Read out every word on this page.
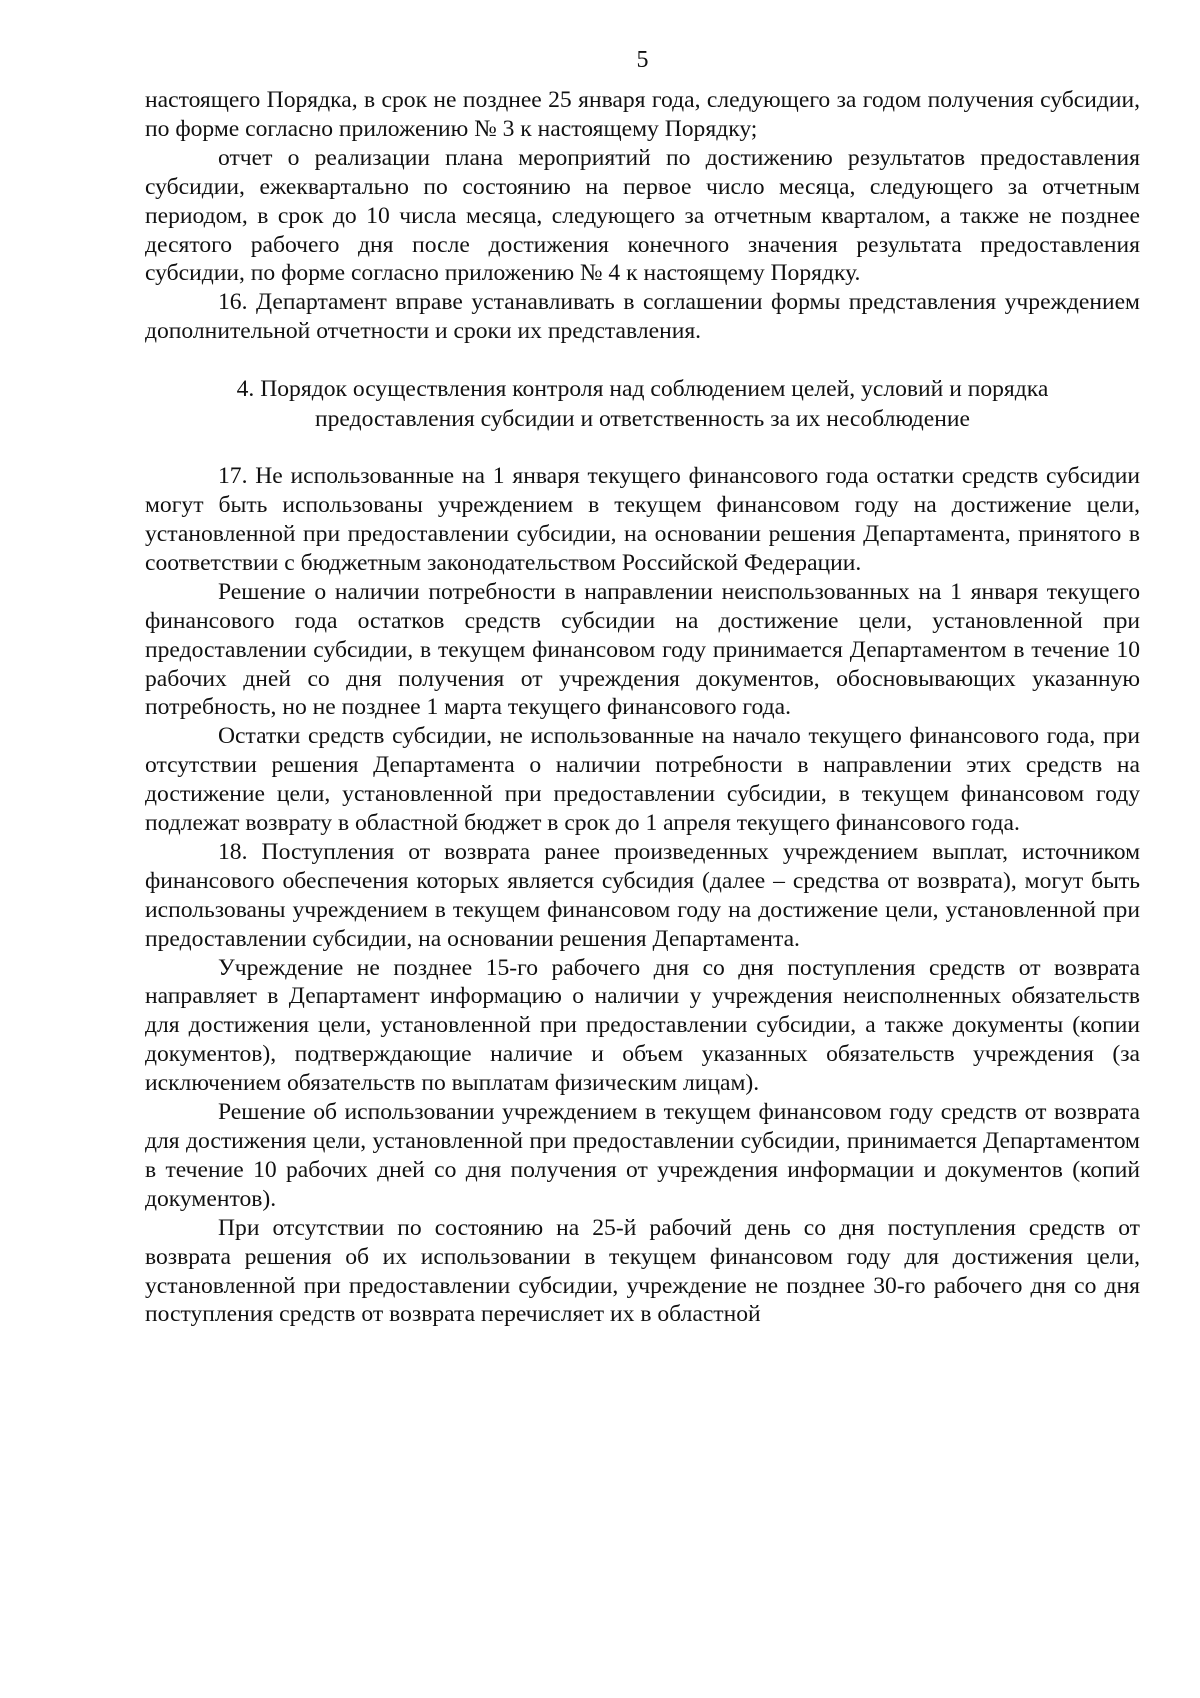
5

настоящего Порядка, в срок не позднее 25 января года, следующего за годом получения субсидии, по форме согласно приложению № 3 к настоящему Порядку;

отчет о реализации плана мероприятий по достижению результатов предоставления субсидии, ежеквартально по состоянию на первое число месяца, следующего за отчетным периодом, в срок до 10 числа месяца, следующего за отчетным кварталом, а также не позднее десятого рабочего дня после достижения конечного значения результата предоставления субсидии, по форме согласно приложению № 4 к настоящему Порядку.

16. Департамент вправе устанавливать в соглашении формы представления учреждением дополнительной отчетности и сроки их представления.

4. Порядок осуществления контроля над соблюдением целей, условий и порядка
предоставления субсидии и ответственность за их несоблюдение

17. Не использованные на 1 января текущего финансового года остатки средств субсидии могут быть использованы учреждением в текущем финансовом году на достижение цели, установленной при предоставлении субсидии, на основании решения Департамента, принятого в соответствии с бюджетным законодательством Российской Федерации.

Решение о наличии потребности в направлении неиспользованных на 1 января текущего финансового года остатков средств субсидии на достижение цели, установленной при предоставлении субсидии, в текущем финансовом году принимается Департаментом в течение 10 рабочих дней со дня получения от учреждения документов, обосновывающих указанную потребность, но не позднее 1 марта текущего финансового года.

Остатки средств субсидии, не использованные на начало текущего финансового года, при отсутствии решения Департамента о наличии потребности в направлении этих средств на достижение цели, установленной при предоставлении субсидии, в текущем финансовом году подлежат возврату в областной бюджет в срок до 1 апреля текущего финансового года.

18. Поступления от возврата ранее произведенных учреждением выплат, источником финансового обеспечения которых является субсидия (далее – средства от возврата), могут быть использованы учреждением в текущем финансовом году на достижение цели, установленной при предоставлении субсидии, на основании решения Департамента.

Учреждение не позднее 15-го рабочего дня со дня поступления средств от возврата направляет в Департамент информацию о наличии у учреждения неисполненных обязательств для достижения цели, установленной при предоставлении субсидии, а также документы (копии документов), подтверждающие наличие и объем указанных обязательств учреждения (за исключением обязательств по выплатам физическим лицам).

Решение об использовании учреждением в текущем финансовом году средств от возврата для достижения цели, установленной при предоставлении субсидии, принимается Департаментом в течение 10 рабочих дней со дня получения от учреждения информации и документов (копий документов).

При отсутствии по состоянию на 25-й рабочий день со дня поступления средств от возврата решения об их использовании в текущем финансовом году для достижения цели, установленной при предоставлении субсидии, учреждение не позднее 30-го рабочего дня со дня поступления средств от возврата перечисляет их в областной
